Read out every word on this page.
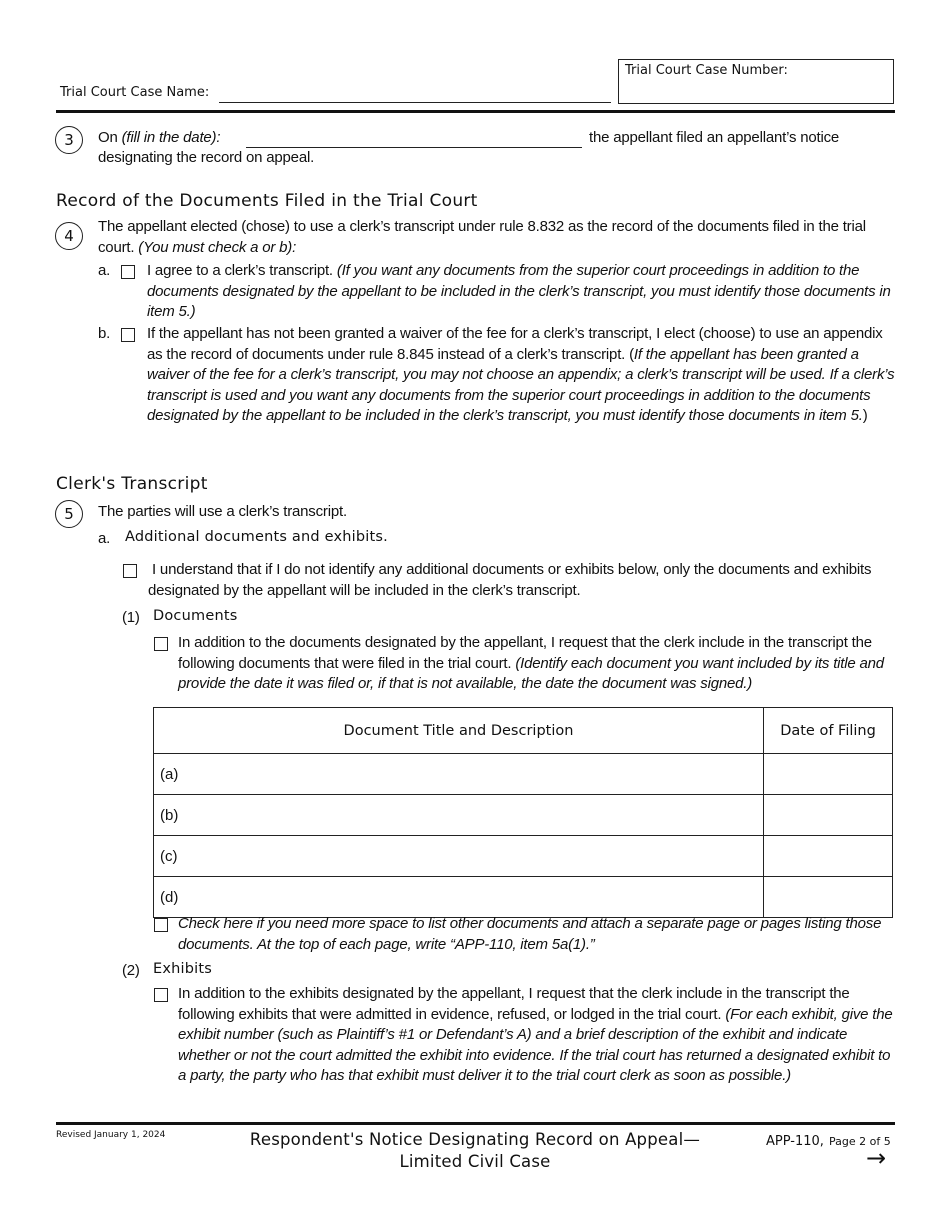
Trial Court Case Name:
Trial Court Case Number:
3	On (fill in the date):	the appellant filed an appellant’s notice
designating the record on appeal.
Record of the Documents Filed in the Trial Court
4
The appellant elected (chose) to use a clerk’s transcript under rule 8.832 as the record of the documents filed in the trial court. (You must check a or b):
a. I agree to a clerk’s transcript. (If you want any documents from the superior court proceedings in addition to the documents designated by the appellant to be included in the clerk’s transcript, you must identify those documents in item 5.)
b. If the appellant has not been granted a waiver of the fee for a clerk’s transcript, I elect (choose) to use an appendix as the record of documents under rule 8.845 instead of a clerk’s transcript. (If the appellant has been granted a waiver of the fee for a clerk’s transcript, you may not choose an appendix; a clerk’s transcript will be used. If a clerk’s transcript is used and you want any documents from the superior court proceedings in addition to the documents designated by the appellant to be included in the clerk’s transcript, you must identify those documents in item 5.)
Clerk's Transcript
5	The parties will use a clerk’s transcript.
a. Additional documents and exhibits.
I understand that if I do not identify any additional documents or exhibits below, only the documents and exhibits designated by the appellant will be included in the clerk’s transcript.
(1) Documents
In addition to the documents designated by the appellant, I request that the clerk include in the transcript the following documents that were filed in the trial court. (Identify each document you want included by its title and provide the date it was filed or, if that is not available, the date the document was signed.)
Document Title and Description	Date of Filing
(a)	
(b)	
(c)	
(d)	
Check here if you need more space to list other documents and attach a separate page or pages listing those documents. At the top of each page, write “APP-110, item 5a(1).”
(2) Exhibits
In addition to the exhibits designated by the appellant, I request that the clerk include in the transcript the following exhibits that were admitted in evidence, refused, or lodged in the trial court. (For each exhibit, give the exhibit number (such as Plaintiff’s #1 or Defendant’s A) and a brief description of the exhibit and indicate whether or not the court admitted the exhibit into evidence. If the trial court has returned a designated exhibit to a party, the party who has that exhibit must deliver it to the trial court clerk as soon as possible.)
Revised January 1, 2024	Respondent's Notice Designating Record on Appeal—
Limited Civil Case
APP-110, Page 2 of 5
→
